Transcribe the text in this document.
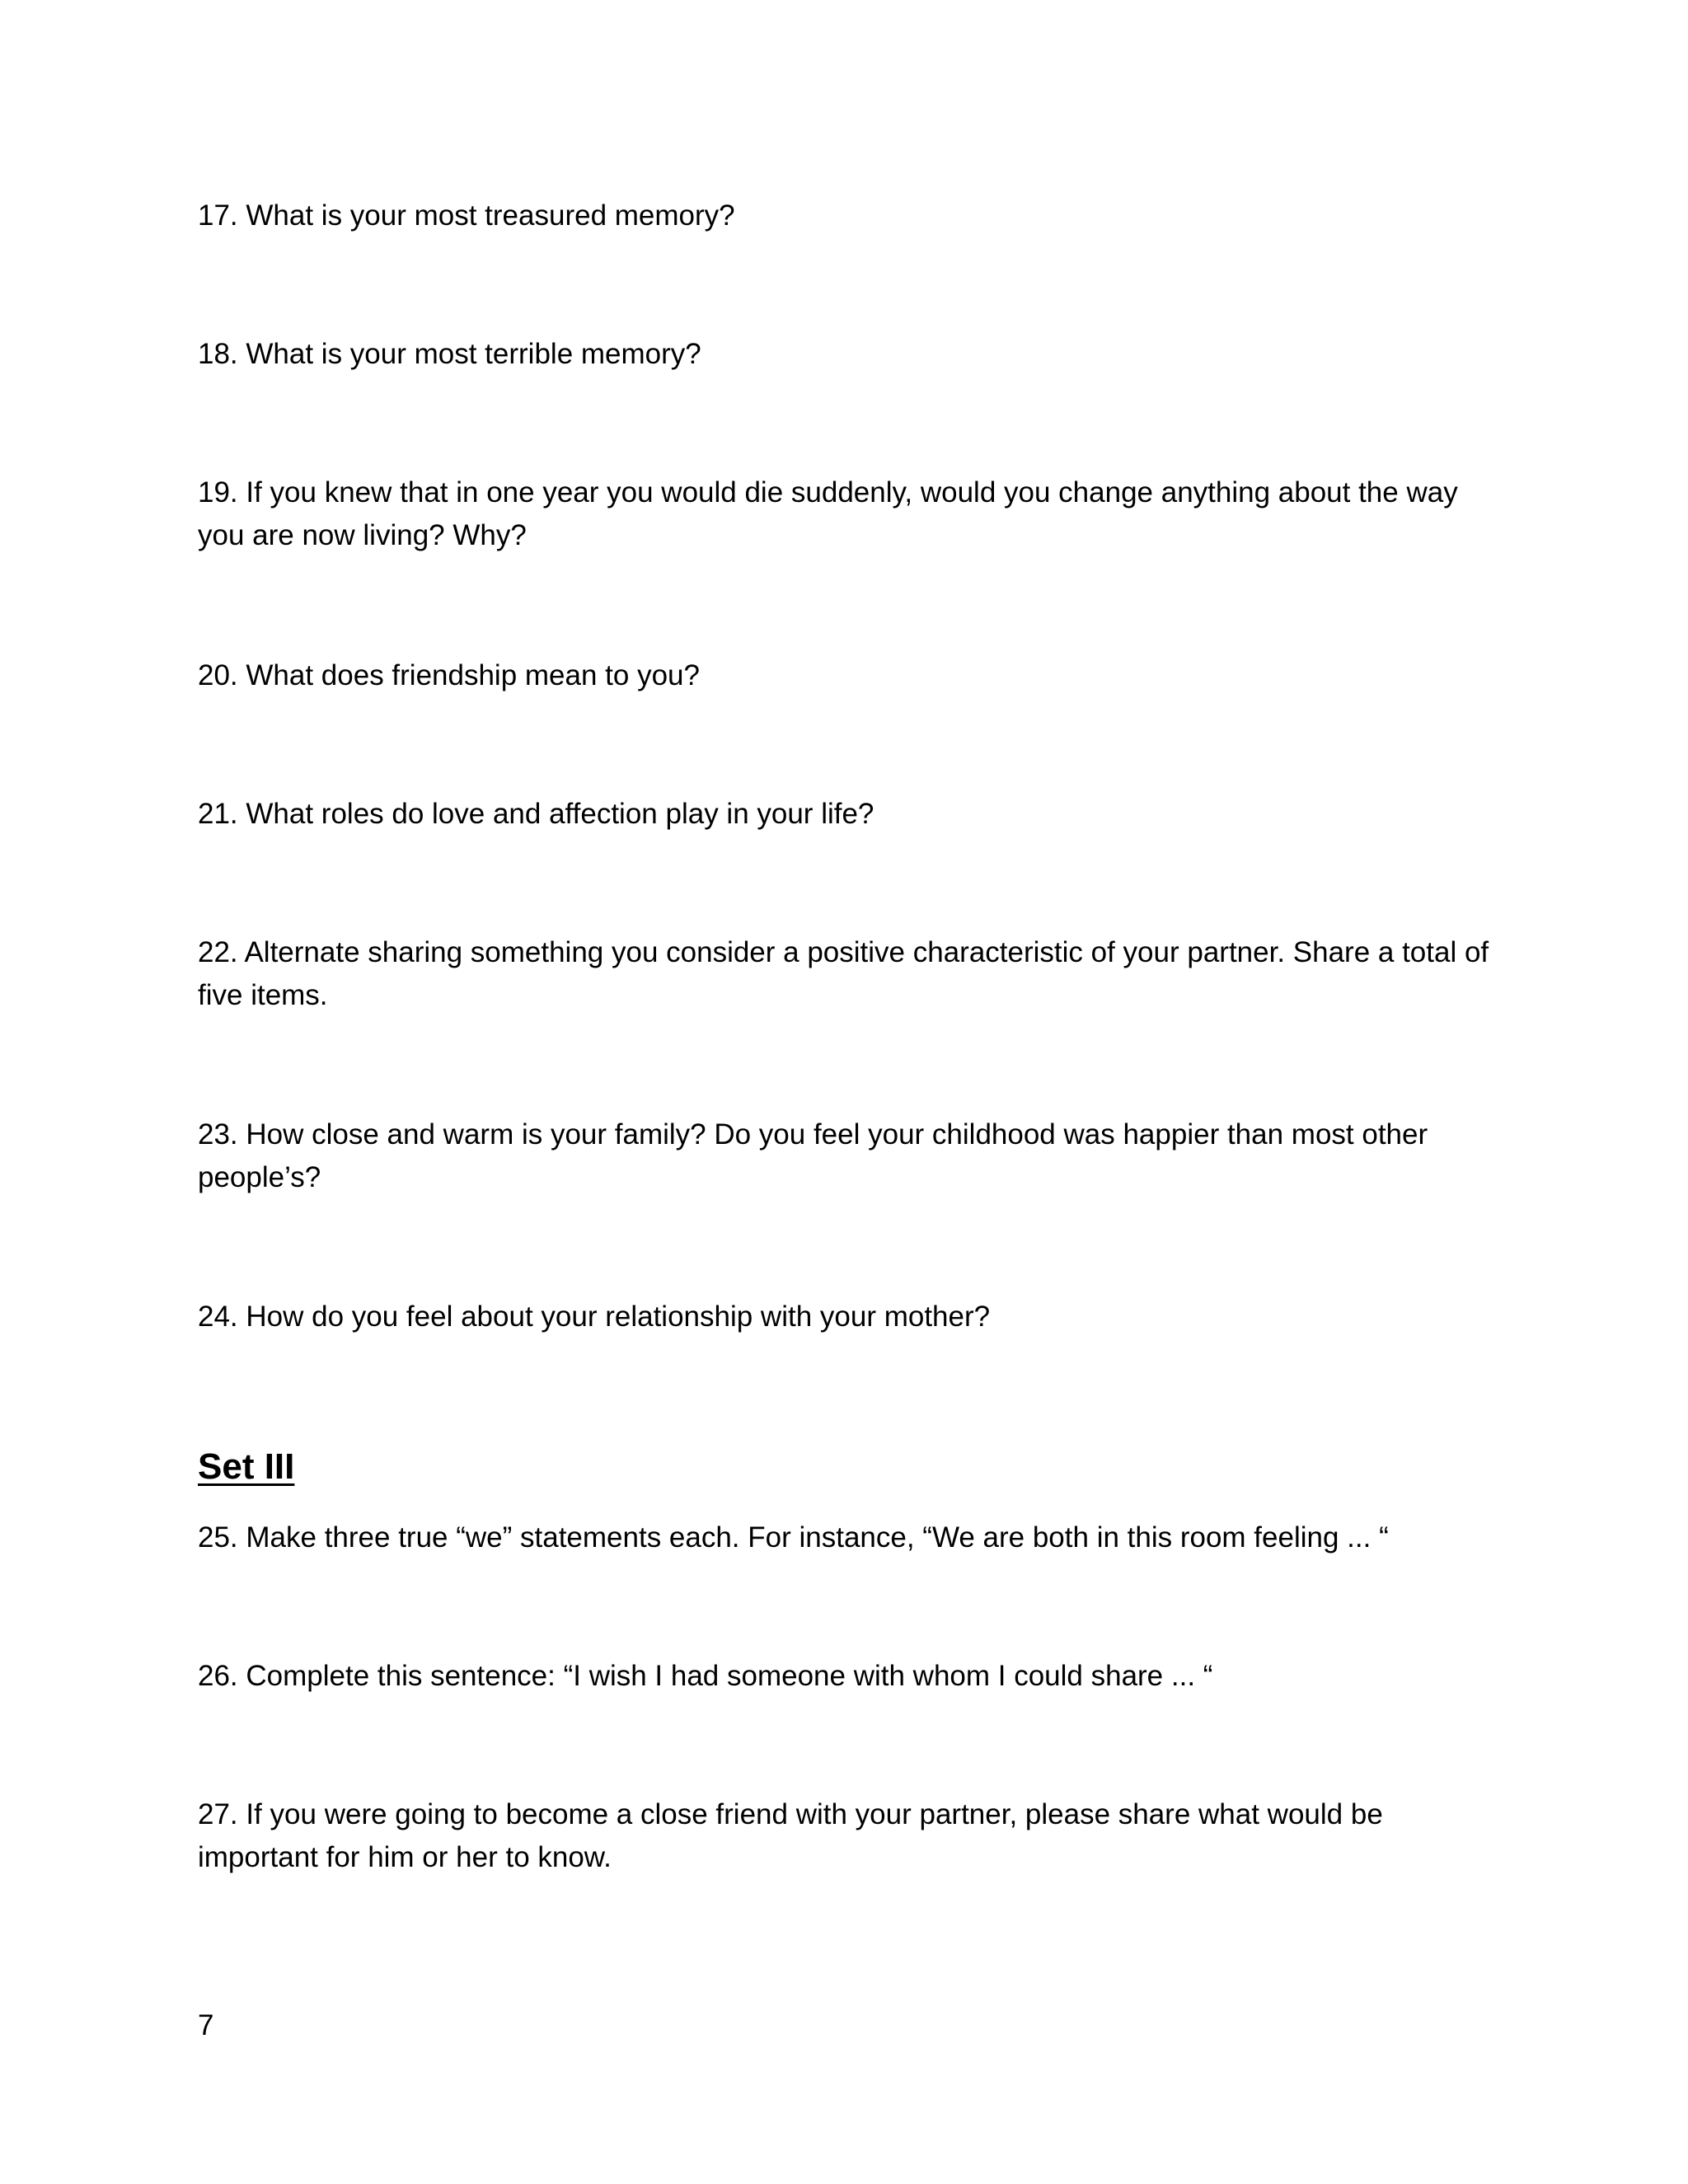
17. What is your most treasured memory?

18. What is your most terrible memory?

19. If you knew that in one year you would die suddenly, would you change anything about the way you are now living? Why?

20. What does friendship mean to you?

21. What roles do love and affection play in your life?

22. Alternate sharing something you consider a positive characteristic of your partner. Share a total of five items.

23. How close and warm is your family? Do you feel your childhood was happier than most other people’s?

24. How do you feel about your relationship with your mother?

Set III

25. Make three true “we” statements each. For instance, “We are both in this room feeling ... “

26. Complete this sentence: “I wish I had someone with whom I could share ... “

27. If you were going to become a close friend with your partner, please share what would be important for him or her to know.

7
